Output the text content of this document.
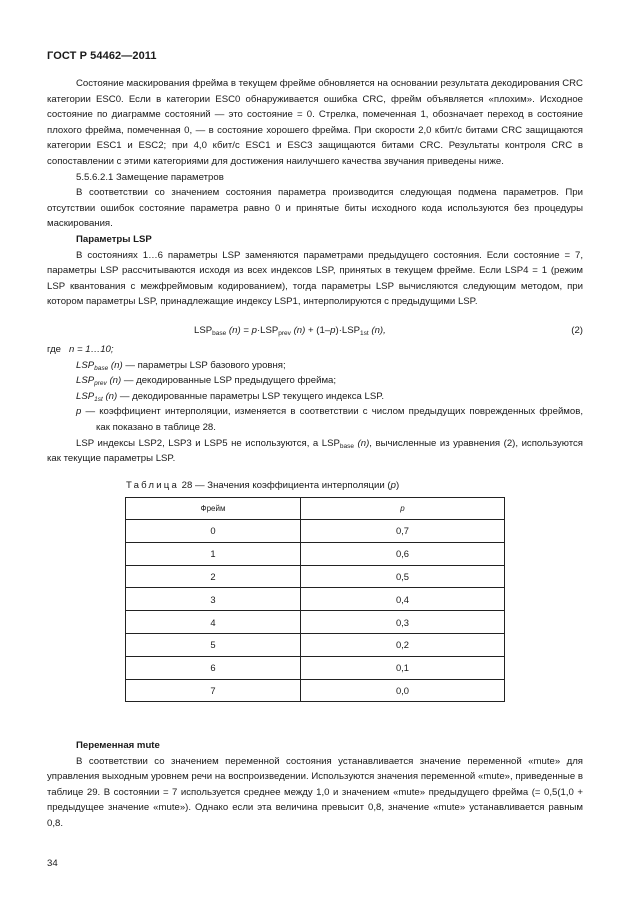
ГОСТ Р 54462—2011

Состояние маскирования фрейма в текущем фрейме обновляется на основании результата декодирования CRC категории ESC0. Если в категории ESC0 обнаруживается ошибка CRC, фрейм объявляется «плохим». Исходное состояние по диаграмме состояний — это состояние = 0. Стрелка, помеченная 1, обозначает переход в состояние плохого фрейма, помеченная 0, — в состояние хорошего фрейма. При скорости 2,0 кбит/с битами CRC защищаются категории ESC1 и ESC2; при 4,0 кбит/с ESC1 и ESC3 защищаются битами CRC. Результаты контроля CRC в сопоставлении с этими категориями для достижения наилучшего качества звучания приведены ниже.

5.5.6.2.1 Замещение параметров

В соответствии со значением состояния параметра производится следующая подмена параметров. При отсутствии ошибок состояние параметра равно 0 и принятые биты исходного кода используются без процедуры маскирования.

Параметры LSP

В состояниях 1…6 параметры LSP заменяются параметрами предыдущего состояния. Если состояние = 7, параметры LSP рассчитываются исходя из всех индексов LSP, принятых в текущем фрейме. Если LSP4 = 1 (режим LSP квантования с межфреймовым кодированием), тогда параметры LSP вычисляются следующим методом, при котором параметры LSP, принадлежащие индексу LSP1, интерполируются с предыдущими LSP.

$LSP_{base}$ $(n) = p\cdot LSP_{prev}$ $(n) + (1-p)\cdot LSP_{1st}$ (n),	(2)
где n = 1…10;
$LSP_{base}$ (n) — параметры LSP базового уровня;
$LSP_{prev}$ (n) — декодированные LSP предыдущего фрейма;
$LSP_{1st}$ (n) — декодированные параметры LSP текущего индекса LSP.
p — коэффициент интерполяции, изменяется в соответствии с числом предыдущих поврежденных фреймов, как показано в таблице 28.
LSP индексы LSP2, LSP3 и LSP5 не используются, а $LSP_{base}$ (n), вычисленные из уравнения (2), используются как текущие параметры LSP.
Таблица 28 — Значения коэффициента интерполяции (p)
Фрейм	p
0	0,7
1	0,6
2	0,5
3	0,4
4	0,3
5	0,2
6	0,1
7	0,0

Переменная mute

В соответствии со значением переменной состояния устанавливается значение переменной «mute» для управления выходным уровнем речи на воспроизведении. Используются значения переменной «mute», приведенные в таблице 29. В состоянии = 7 используется среднее между 1,0 и значением «mute» предыдущего фрейма (= 0,5(1,0 + предыдущее значение «mute»). Однако если эта величина превысит 0,8, значение «mute» устанавливается равным 0,8.

34
